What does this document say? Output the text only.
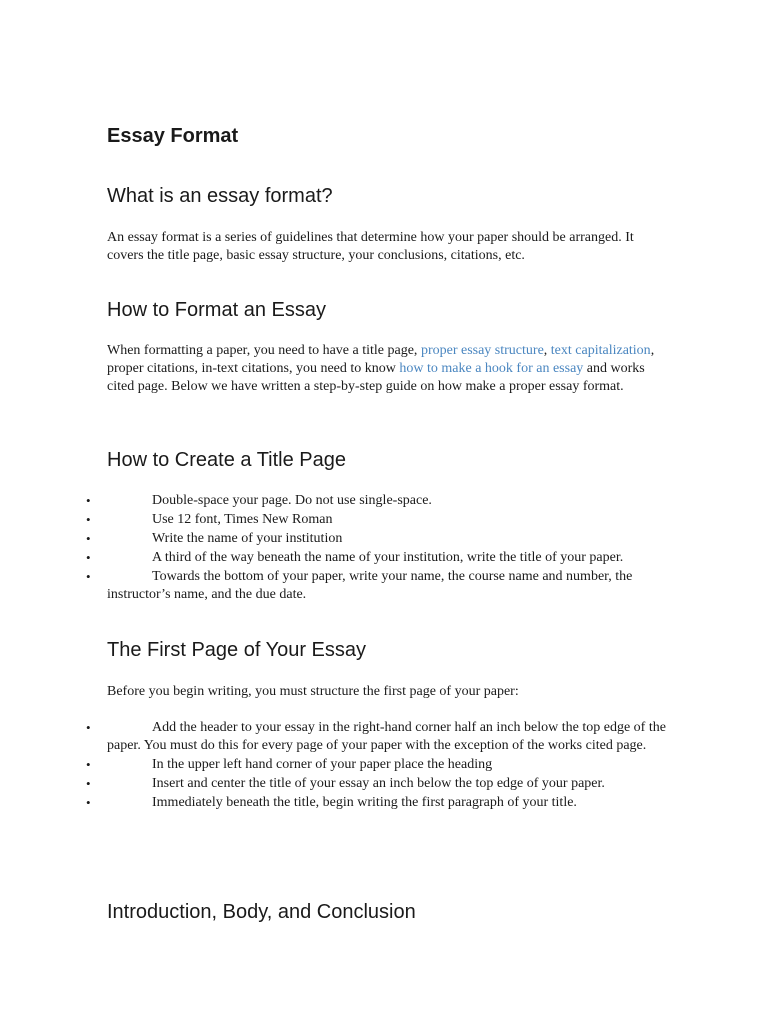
Essay Format
What is an essay format?

An essay format is a series of guidelines that determine how your paper should be arranged. It covers the title page, basic essay structure, your conclusions, citations, etc.

How to Format an Essay

When formatting a paper, you need to have a title page, proper essay structure, text capitalization, proper citations, in-text citations, you need to know how to make a hook for an essay and works cited page. Below we have written a step-by-step guide on how make a proper essay format.

How to Create a Title Page
•	Double-space your page. Do not use single-space.
•	Use 12 font, Times New Roman
•	Write the name of your institution
•	A third of the way beneath the name of your institution, write the title of your paper.
•	Towards the bottom of your paper, write your name, the course name and number, the instructor’s name, and the due date.
The First Page of Your Essay

Before you begin writing, you must structure the first page of your paper:

•	Add the header to your essay in the right-hand corner half an inch below the top edge of the paper. You must do this for every page of your paper with the exception of the works cited page.
•	In the upper left hand corner of your paper place the heading
•	Insert and center the title of your essay an inch below the top edge of your paper.
•	Immediately beneath the title, begin writing the first paragraph of your title.
Introduction, Body, and Conclusion
